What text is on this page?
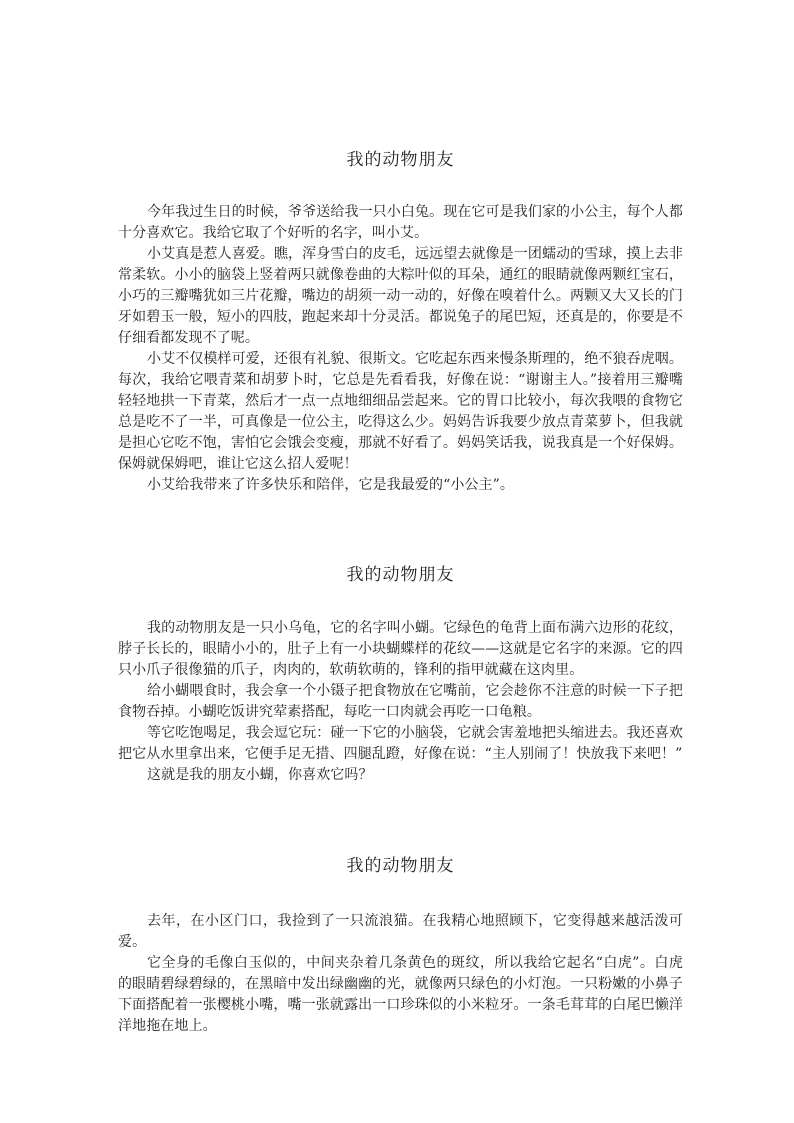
我的动物朋友

今年我过生日的时候，爷爷送给我一只小白兔。现在它可是我们家的小公主，每个人都十分喜欢它。我给它取了个好听的名字，叫小艾。

小艾真是惹人喜爱。瞧，浑身雪白的皮毛，远远望去就像是一团蠕动的雪球，摸上去非常柔软。小小的脑袋上竖着两只就像卷曲的大粽叶似的耳朵，通红的眼睛就像两颗红宝石，小巧的三瓣嘴犹如三片花瓣，嘴边的胡须一动一动的，好像在嗅着什么。两颗又大又长的门牙如碧玉一般，短小的四肢，跑起来却十分灵活。都说兔子的尾巴短，还真是的，你要是不仔细看都发现不了呢。

小艾不仅模样可爱，还很有礼貌、很斯文。它吃起东西来慢条斯理的，绝不狼吞虎咽。每次，我给它喂青菜和胡萝卜时，它总是先看看我，好像在说：“谢谢主人。”接着用三瓣嘴轻轻地拱一下青菜，然后才一点一点地细细品尝起来。它的胃口比较小，每次我喂的食物它总是吃不了一半，可真像是一位公主，吃得这么少。妈妈告诉我要少放点青菜萝卜，但我就是担心它吃不饱，害怕它会饿会变瘦，那就不好看了。妈妈笑话我，说我真是一个好保姆。保姆就保姆吧，谁让它这么招人爱呢！

小艾给我带来了许多快乐和陪伴，它是我最爱的“小公主”。

我的动物朋友

我的动物朋友是一只小乌龟，它的名字叫小蝴。它绿色的龟背上面布满六边形的花纹，脖子长长的，眼睛小小的，肚子上有一小块蝴蝶样的花纹——这就是它名字的来源。它的四只小爪子很像猫的爪子，肉肉的，软萌软萌的，锋利的指甲就藏在这肉里。

给小蝴喂食时，我会拿一个小镊子把食物放在它嘴前，它会趁你不注意的时候一下子把食物吞掉。小蝴吃饭讲究荤素搭配，每吃一口肉就会再吃一口龟粮。

等它吃饱喝足，我会逗它玩：碰一下它的小脑袋，它就会害羞地把头缩进去。我还喜欢把它从水里拿出来，它便手足无措、四腿乱蹬，好像在说：“主人别闹了！快放我下来吧！”

这就是我的朋友小蝴，你喜欢它吗？

我的动物朋友

去年，在小区门口，我捡到了一只流浪猫。在我精心地照顾下，它变得越来越活泼可爱。

它全身的毛像白玉似的，中间夹杂着几条黄色的斑纹，所以我给它起名“白虎”。白虎的眼睛碧绿碧绿的，在黑暗中发出绿幽幽的光，就像两只绿色的小灯泡。一只粉嫩的小鼻子下面搭配着一张樱桃小嘴，嘴一张就露出一口珍珠似的小米粒牙。一条毛茸茸的白尾巴懒洋洋地拖在地上。
